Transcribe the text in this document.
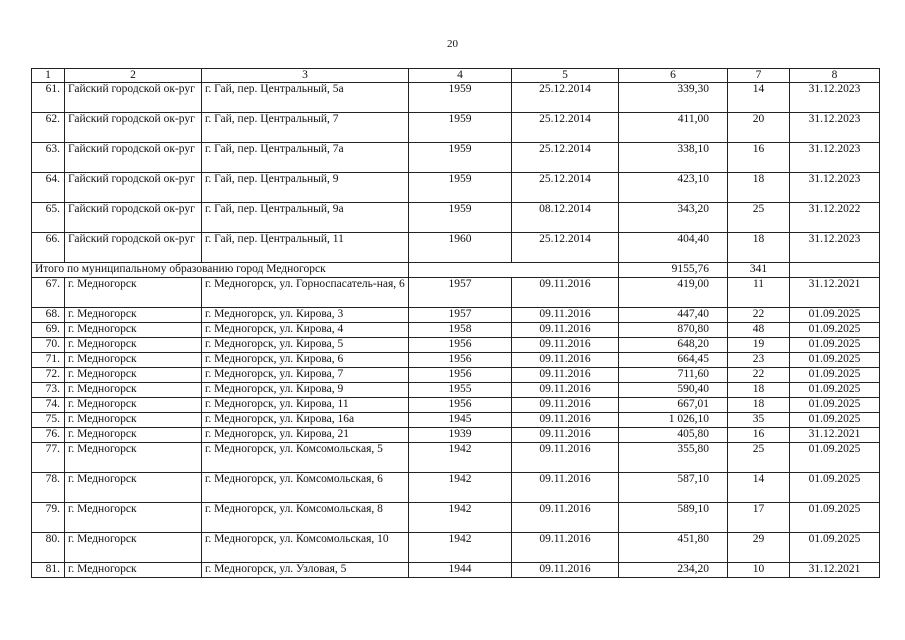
20
1	2	3	4	5	6	7	8
61.	Гайский городской ок-руг	г. Гай, пер. Центральный, 5а	1959	25.12.2014	339,30	14	31.12.2023
62.	Гайский городской ок-руг	г. Гай, пер. Центральный, 7	1959	25.12.2014	411,00	20	31.12.2023
63.	Гайский городской ок-руг	г. Гай, пер. Центральный, 7а	1959	25.12.2014	338,10	16	31.12.2023
64.	Гайский городской ок-руг	г. Гай, пер. Центральный, 9	1959	25.12.2014	423,10	18	31.12.2023
65.	Гайский городской ок-руг	г. Гай, пер. Центральный, 9а	1959	08.12.2014	343,20	25	31.12.2022
66.	Гайский городской ок-руг	г. Гай, пер. Центральный, 11	1960	25.12.2014	404,40	18	31.12.2023
Итого по муниципальному образованию город Медногорск					9155,76	341	
67.	г. Медногорск	г. Медногорск, ул. Горноспасатель-ная, 6	1957	09.11.2016	419,00	11	31.12.2021
68.	г. Медногорск	г. Медногорск, ул. Кирова, 3	1957	09.11.2016	447,40	22	01.09.2025
69.	г. Медногорск	г. Медногорск, ул. Кирова, 4	1958	09.11.2016	870,80	48	01.09.2025
70.	г. Медногорск	г. Медногорск, ул. Кирова, 5	1956	09.11.2016	648,20	19	01.09.2025
71.	г. Медногорск	г. Медногорск, ул. Кирова, 6	1956	09.11.2016	664,45	23	01.09.2025
72.	г. Медногорск	г. Медногорск, ул. Кирова, 7	1956	09.11.2016	711,60	22	01.09.2025
73.	г. Медногорск	г. Медногорск, ул. Кирова, 9	1955	09.11.2016	590,40	18	01.09.2025
74.	г. Медногорск	г. Медногорск, ул. Кирова, 11	1956	09.11.2016	667,01	18	01.09.2025
75.	г. Медногорск	г. Медногорск, ул. Кирова, 16а	1945	09.11.2016	1 026,10	35	01.09.2025
76.	г. Медногорск	г. Медногорск, ул. Кирова, 21	1939	09.11.2016	405,80	16	31.12.2021
77.	г. Медногорск	г. Медногорск, ул. Комсомольская, 5	1942	09.11.2016	355,80	25	01.09.2025
78.	г. Медногорск	г. Медногорск, ул. Комсомольская, 6	1942	09.11.2016	587,10	14	01.09.2025
79.	г. Медногорск	г. Медногорск, ул. Комсомольская, 8	1942	09.11.2016	589,10	17	01.09.2025
80.	г. Медногорск	г. Медногорск, ул. Комсомольская, 10	1942	09.11.2016	451,80	29	01.09.2025
81.	г. Медногорск	г. Медногорск, ул. Узловая, 5	1944	09.11.2016	234,20	10	31.12.2021
